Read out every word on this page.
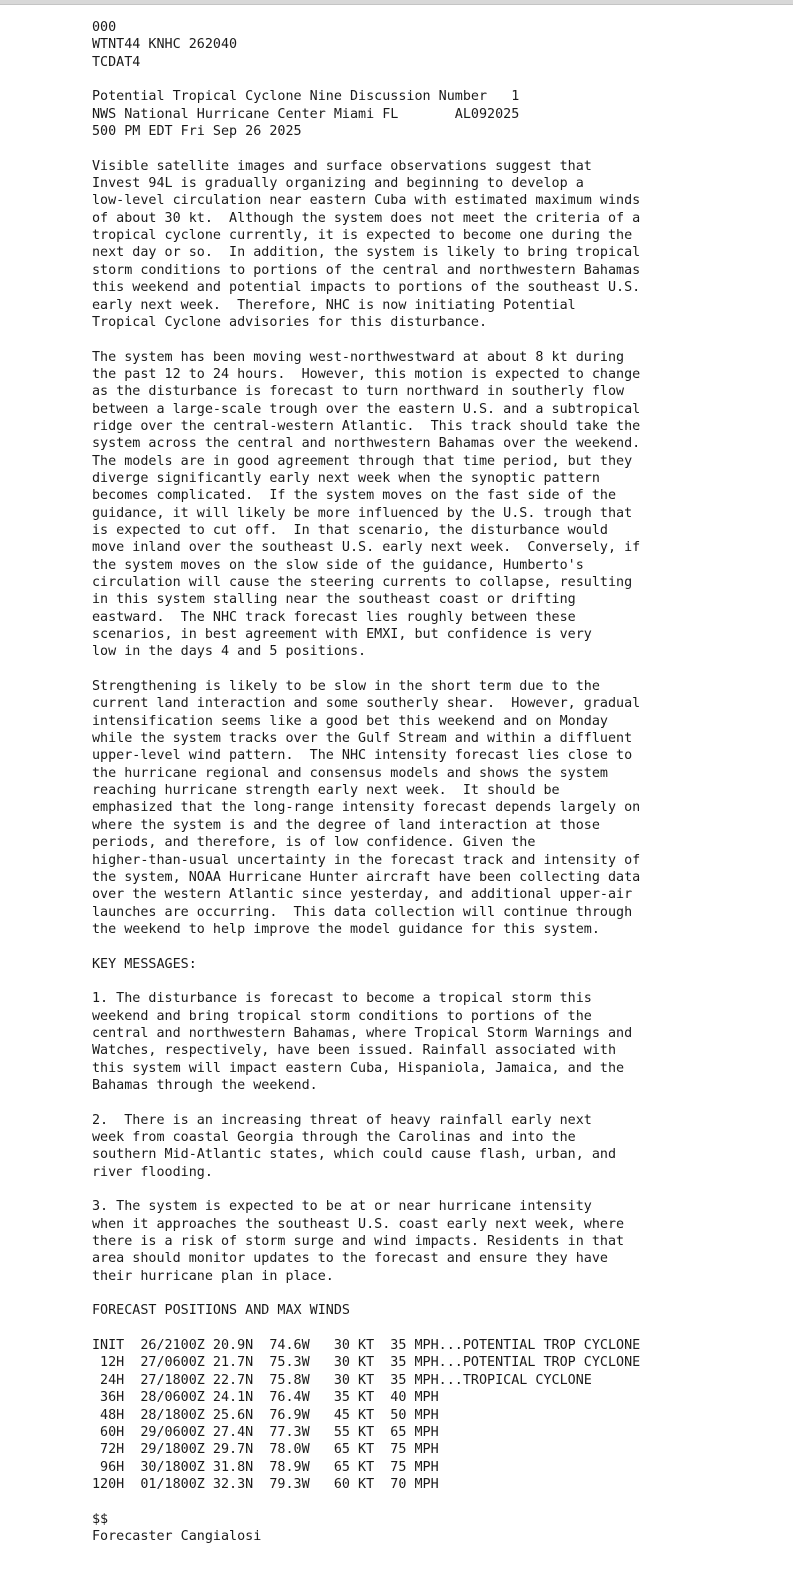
000
WTNT44 KNHC 262040
TCDAT4

Potential Tropical Cyclone Nine Discussion Number   1
NWS National Hurricane Center Miami FL       AL092025
500 PM EDT Fri Sep 26 2025

Visible satellite images and surface observations suggest that
Invest 94L is gradually organizing and beginning to develop a
low-level circulation near eastern Cuba with estimated maximum winds
of about 30 kt.  Although the system does not meet the criteria of a
tropical cyclone currently, it is expected to become one during the
next day or so.  In addition, the system is likely to bring tropical
storm conditions to portions of the central and northwestern Bahamas
this weekend and potential impacts to portions of the southeast U.S.
early next week.  Therefore, NHC is now initiating Potential
Tropical Cyclone advisories for this disturbance.

The system has been moving west-northwestward at about 8 kt during
the past 12 to 24 hours.  However, this motion is expected to change
as the disturbance is forecast to turn northward in southerly flow
between a large-scale trough over the eastern U.S. and a subtropical
ridge over the central-western Atlantic.  This track should take the
system across the central and northwestern Bahamas over the weekend.
The models are in good agreement through that time period, but they
diverge significantly early next week when the synoptic pattern
becomes complicated.  If the system moves on the fast side of the
guidance, it will likely be more influenced by the U.S. trough that
is expected to cut off.  In that scenario, the disturbance would
move inland over the southeast U.S. early next week.  Conversely, if
the system moves on the slow side of the guidance, Humberto's
circulation will cause the steering currents to collapse, resulting
in this system stalling near the southeast coast or drifting
eastward.  The NHC track forecast lies roughly between these
scenarios, in best agreement with EMXI, but confidence is very
low in the days 4 and 5 positions.

Strengthening is likely to be slow in the short term due to the
current land interaction and some southerly shear.  However, gradual
intensification seems like a good bet this weekend and on Monday
while the system tracks over the Gulf Stream and within a diffluent
upper-level wind pattern.  The NHC intensity forecast lies close to
the hurricane regional and consensus models and shows the system
reaching hurricane strength early next week.  It should be
emphasized that the long-range intensity forecast depends largely on
where the system is and the degree of land interaction at those
periods, and therefore, is of low confidence. Given the
higher-than-usual uncertainty in the forecast track and intensity of
the system, NOAA Hurricane Hunter aircraft have been collecting data
over the western Atlantic since yesterday, and additional upper-air
launches are occurring.  This data collection will continue through
the weekend to help improve the model guidance for this system.

KEY MESSAGES:

1. The disturbance is forecast to become a tropical storm this
weekend and bring tropical storm conditions to portions of the
central and northwestern Bahamas, where Tropical Storm Warnings and
Watches, respectively, have been issued. Rainfall associated with
this system will impact eastern Cuba, Hispaniola, Jamaica, and the
Bahamas through the weekend.

2.  There is an increasing threat of heavy rainfall early next
week from coastal Georgia through the Carolinas and into the
southern Mid-Atlantic states, which could cause flash, urban, and
river flooding.

3. The system is expected to be at or near hurricane intensity
when it approaches the southeast U.S. coast early next week, where
there is a risk of storm surge and wind impacts. Residents in that
area should monitor updates to the forecast and ensure they have
their hurricane plan in place.

FORECAST POSITIONS AND MAX WINDS

INIT  26/2100Z 20.9N  74.6W   30 KT  35 MPH...POTENTIAL TROP CYCLONE
12H  27/0600Z 21.7N  75.3W   30 KT  35 MPH...POTENTIAL TROP CYCLONE
24H  27/1800Z 22.7N  75.8W   30 KT  35 MPH...TROPICAL CYCLONE
36H  28/0600Z 24.1N  76.4W   35 KT  40 MPH
48H  28/1800Z 25.6N  76.9W   45 KT  50 MPH
60H  29/0600Z 27.4N  77.3W   55 KT  65 MPH
72H  29/1800Z 29.7N  78.0W   65 KT  75 MPH
96H  30/1800Z 31.8N  78.9W   65 KT  75 MPH
120H  01/1800Z 32.3N  79.3W   60 KT  70 MPH

$$
Forecaster Cangialosi
